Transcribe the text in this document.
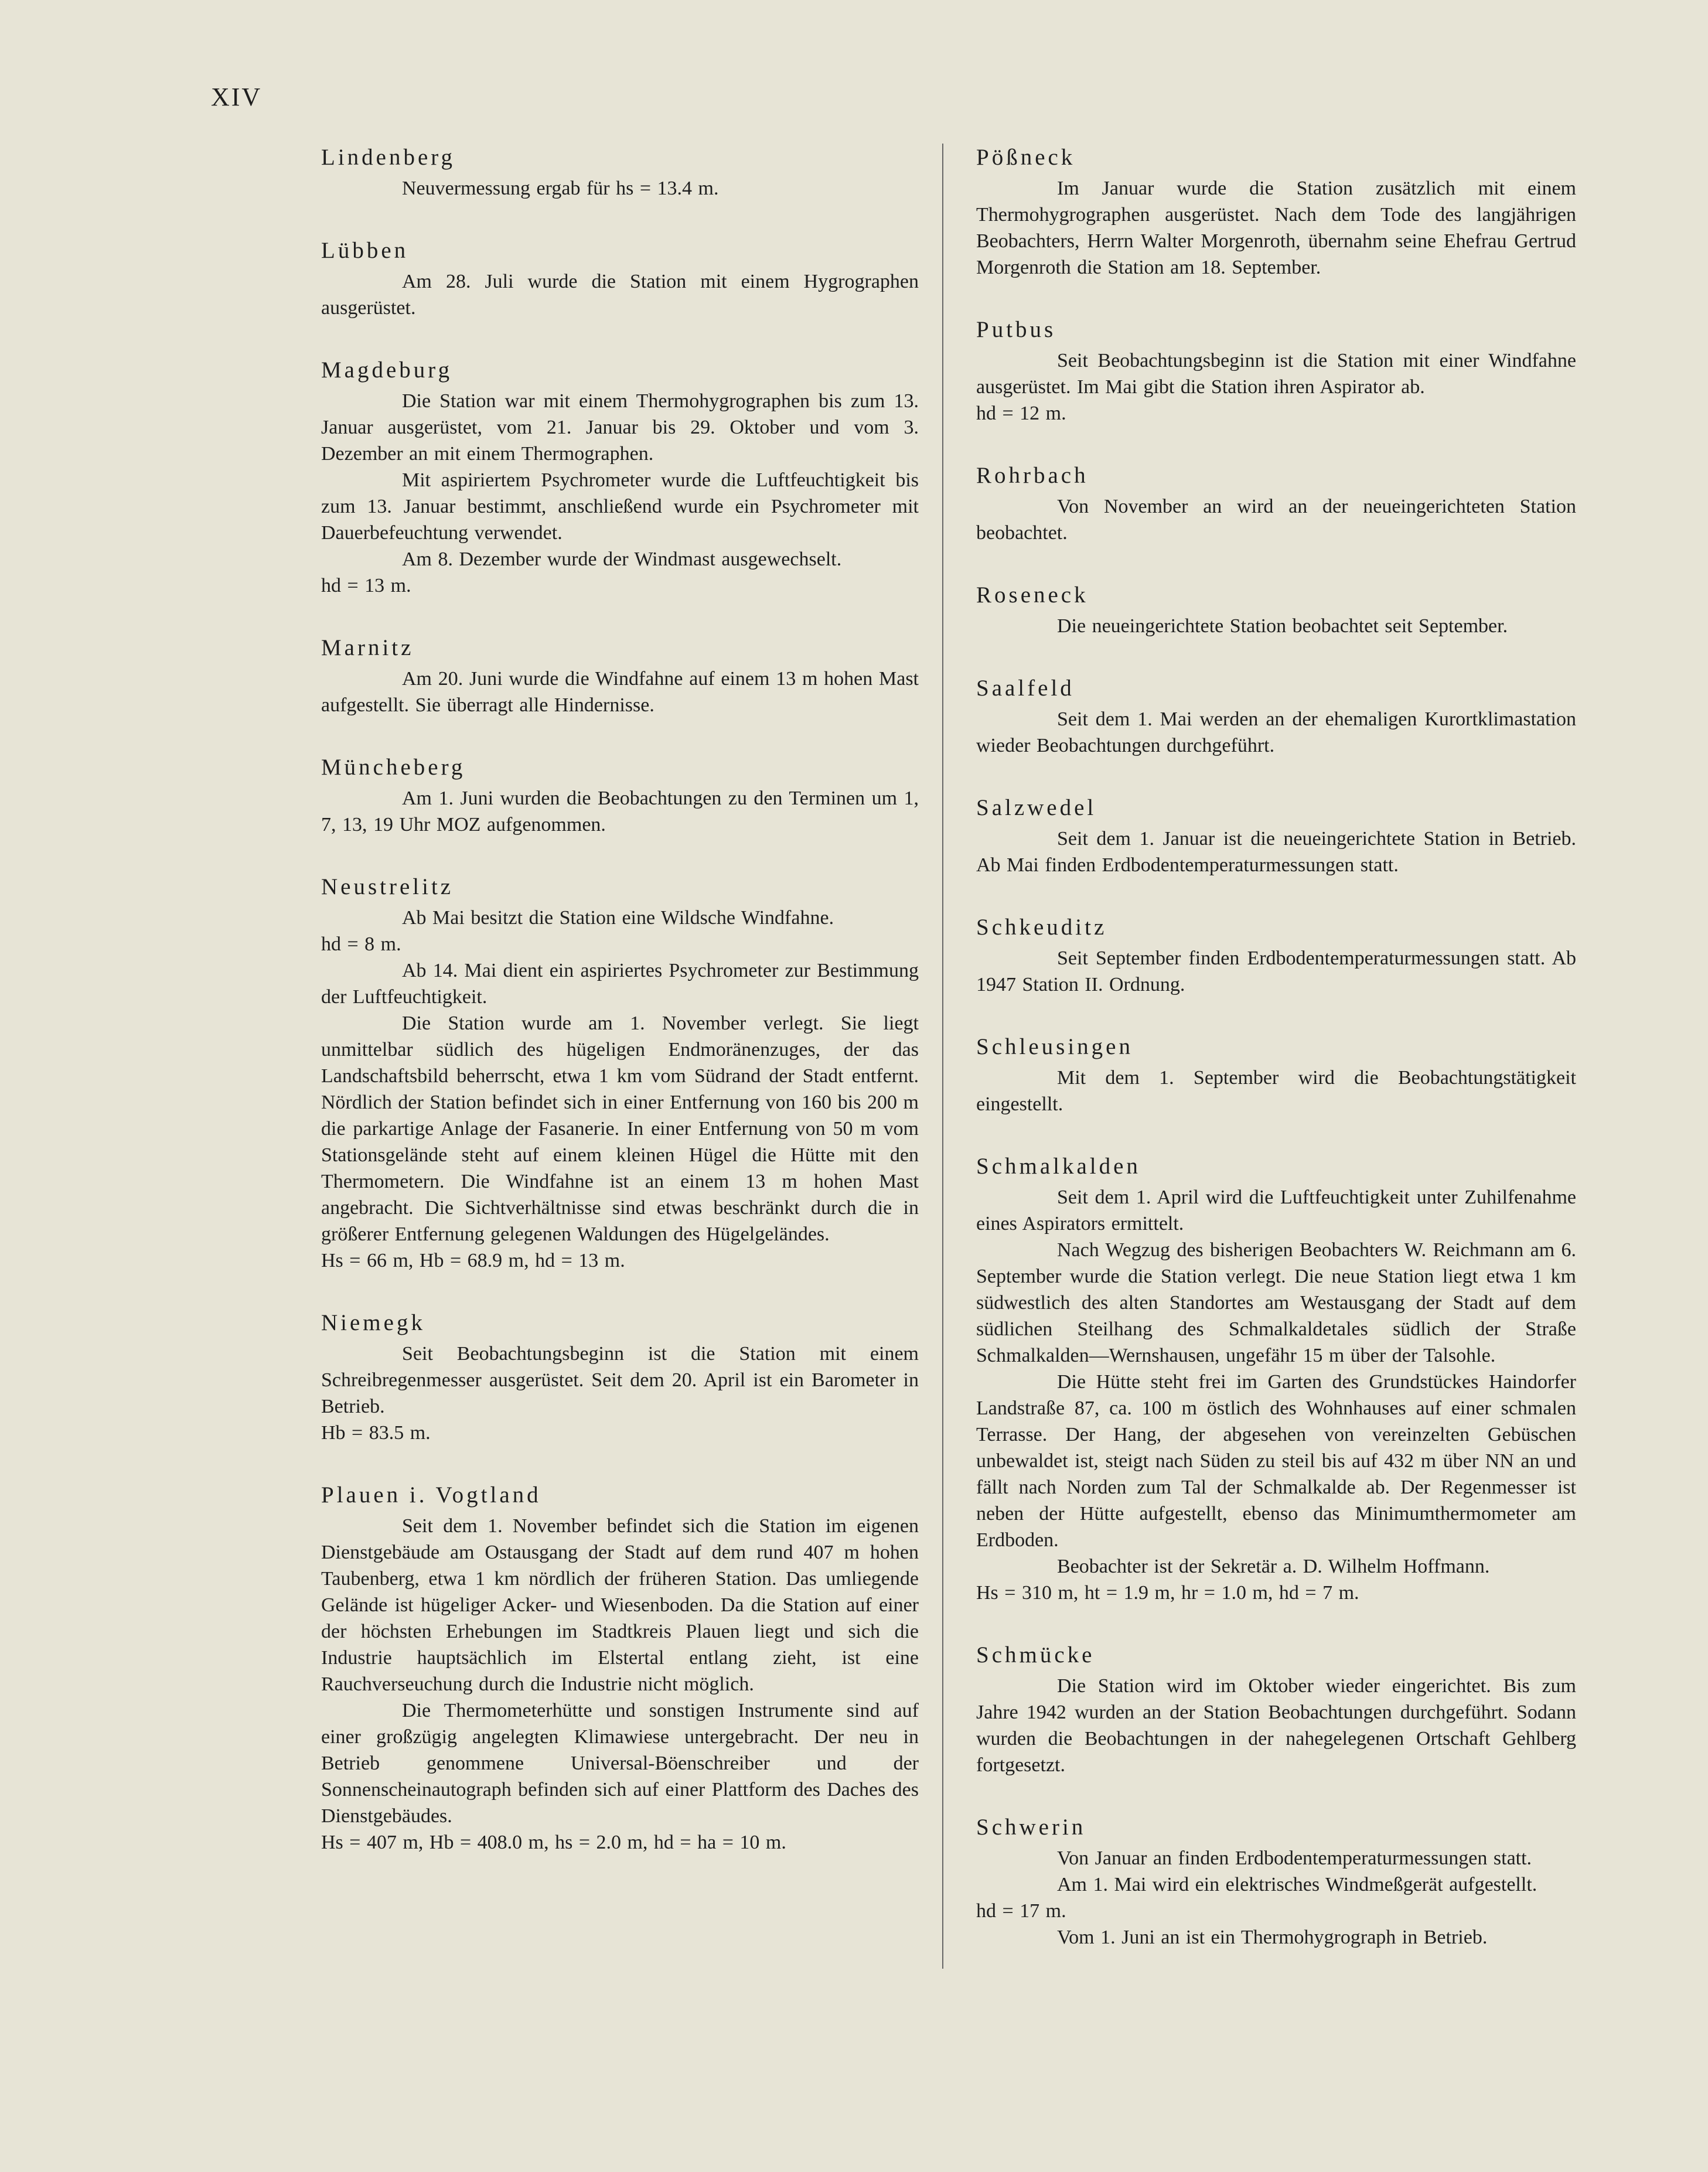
XIV
Lindenberg

Neuvermessung ergab für hs = 13.4 m.

Lübben

Am 28. Juli wurde die Station mit einem Hygrographen ausgerüstet.

Magdeburg

Die Station war mit einem Thermohygrographen bis zum 13. Januar ausgerüstet, vom 21. Januar bis 29. Oktober und vom 3. Dezember an mit einem Thermographen.

Mit aspiriertem Psychrometer wurde die Luftfeuchtigkeit bis zum 13. Januar bestimmt, anschließend wurde ein Psychrometer mit Dauerbefeuchtung verwendet.

Am 8. Dezember wurde der Windmast ausgewechselt.

hd = 13 m.

Marnitz

Am 20. Juni wurde die Windfahne auf einem 13 m hohen Mast aufgestellt. Sie überragt alle Hindernisse.

Müncheberg

Am 1. Juni wurden die Beobachtungen zu den Terminen um 1, 7, 13, 19 Uhr MOZ aufgenommen.

Neustrelitz

Ab Mai besitzt die Station eine Wildsche Windfahne.

hd = 8 m.

Ab 14. Mai dient ein aspiriertes Psychrometer zur Bestimmung der Luftfeuchtigkeit.

Die Station wurde am 1. November verlegt. Sie liegt unmittelbar südlich des hügeligen Endmoränenzuges, der das Landschaftsbild beherrscht, etwa 1 km vom Südrand der Stadt entfernt. Nördlich der Station befindet sich in einer Entfernung von 160 bis 200 m die parkartige Anlage der Fasanerie. In einer Entfernung von 50 m vom Stationsgelände steht auf einem kleinen Hügel die Hütte mit den Thermometern. Die Windfahne ist an einem 13 m hohen Mast angebracht. Die Sichtverhältnisse sind etwas beschränkt durch die in größerer Entfernung gelegenen Waldungen des Hügelgeländes.

Hs = 66 m, Hb = 68.9 m, hd = 13 m.

Niemegk

Seit Beobachtungsbeginn ist die Station mit einem Schreibregenmesser ausgerüstet. Seit dem 20. April ist ein Barometer in Betrieb.

Hb = 83.5 m.

Plauen i. Vogtland

Seit dem 1. November befindet sich die Station im eigenen Dienstgebäude am Ostausgang der Stadt auf dem rund 407 m hohen Taubenberg, etwa 1 km nördlich der früheren Station. Das umliegende Gelände ist hügeliger Acker- und Wiesenboden. Da die Station auf einer der höchsten Erhebungen im Stadtkreis Plauen liegt und sich die Industrie hauptsächlich im Elstertal entlang zieht, ist eine Rauchverseuchung durch die Industrie nicht möglich.

Die Thermometerhütte und sonstigen Instrumente sind auf einer großzügig angelegten Klimawiese untergebracht. Der neu in Betrieb genommene Universal-Böenschreiber und der Sonnenscheinautograph befinden sich auf einer Plattform des Daches des Dienstgebäudes.

Hs = 407 m, Hb = 408.0 m, hs = 2.0 m, hd = ha = 10 m.

Pößneck

Im Januar wurde die Station zusätzlich mit einem Thermohygrographen ausgerüstet. Nach dem Tode des langjährigen Beobachters, Herrn Walter Morgenroth, übernahm seine Ehefrau Gertrud Morgenroth die Station am 18. September.

Putbus

Seit Beobachtungsbeginn ist die Station mit einer Windfahne ausgerüstet. Im Mai gibt die Station ihren Aspirator ab.

hd = 12 m.

Rohrbach

Von November an wird an der neueingerichteten Station beobachtet.

Roseneck

Die neueingerichtete Station beobachtet seit September.

Saalfeld

Seit dem 1. Mai werden an der ehemaligen Kurortklimastation wieder Beobachtungen durchgeführt.

Salzwedel

Seit dem 1. Januar ist die neueingerichtete Station in Betrieb. Ab Mai finden Erdbodentemperaturmessungen statt.

Schkeuditz

Seit September finden Erdbodentemperaturmessungen statt. Ab 1947 Station II. Ordnung.

Schleusingen

Mit dem 1. September wird die Beobachtungstätigkeit eingestellt.

Schmalkalden

Seit dem 1. April wird die Luftfeuchtigkeit unter Zuhilfenahme eines Aspirators ermittelt.

Nach Wegzug des bisherigen Beobachters W. Reichmann am 6. September wurde die Station verlegt. Die neue Station liegt etwa 1 km südwestlich des alten Standortes am Westausgang der Stadt auf dem südlichen Steilhang des Schmalkaldetales südlich der Straße Schmalkalden—Wernshausen, ungefähr 15 m über der Talsohle.

Die Hütte steht frei im Garten des Grundstückes Haindorfer Landstraße 87, ca. 100 m östlich des Wohnhauses auf einer schmalen Terrasse. Der Hang, der abgesehen von vereinzelten Gebüschen unbewaldet ist, steigt nach Süden zu steil bis auf 432 m über NN an und fällt nach Norden zum Tal der Schmalkalde ab. Der Regenmesser ist neben der Hütte aufgestellt, ebenso das Minimumthermometer am Erdboden.

Beobachter ist der Sekretär a. D. Wilhelm Hoffmann.

Hs = 310 m, ht = 1.9 m, hr = 1.0 m, hd = 7 m.

Schmücke

Die Station wird im Oktober wieder eingerichtet. Bis zum Jahre 1942 wurden an der Station Beobachtungen durchgeführt. Sodann wurden die Beobachtungen in der nahegelegenen Ortschaft Gehlberg fortgesetzt.

Schwerin

Von Januar an finden Erdbodentemperaturmessungen statt.

Am 1. Mai wird ein elektrisches Windmeßgerät aufgestellt.

hd = 17 m.

Vom 1. Juni an ist ein Thermohygrograph in Betrieb.
